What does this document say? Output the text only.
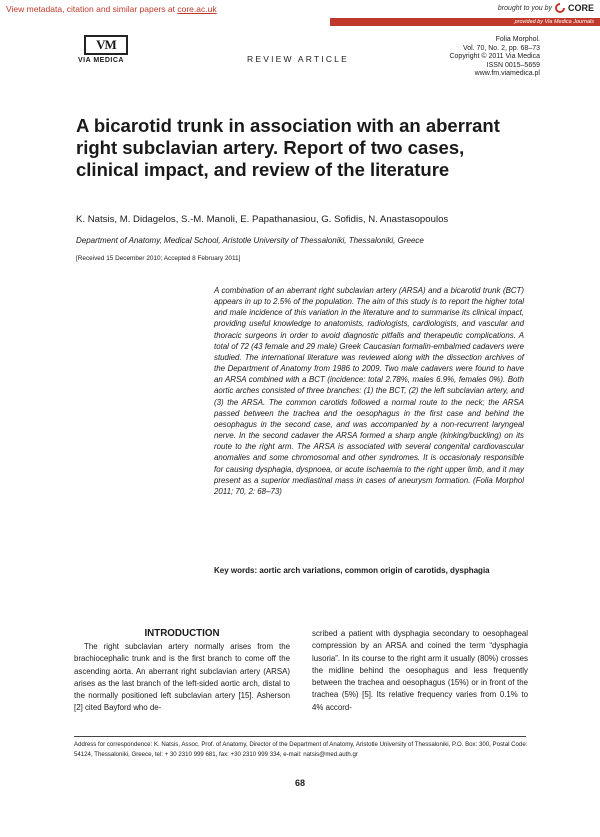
View metadata, citation and similar papers at core.ac.uk	brought to you by CORE
provided by Via Medica Journals
VM
VIA MEDICA	REVIEW ARTICLE
Folia Morphol.
Vol. 70, No. 2, pp. 68–73
Copyright © 2011 Via Medica
ISSN 0015–5659
www.fm.viamedica.pl
A bicarotid trunk in association with an aberrant right subclavian artery. Report of two cases, clinical impact, and review of the literature
K. Natsis, M. Didagelos, S.-M. Manoli, E. Papathanasiou, G. Sofidis, N. Anastasopoulos
Department of Anatomy, Medical School, Aristotle University of Thessaloniki, Thessaloniki, Greece
[Received 15 December 2010; Accepted 8 February 2011]
A combination of an aberrant right subclavian artery (ARSA) and a bicarotid trunk (BCT) appears in up to 2.5% of the population. The aim of this study is to report the higher total and male incidence of this variation in the literature and to summarise its clinical impact, providing useful knowledge to anatomists, radiologists, cardiologists, and vascular and thoracic surgeons in order to avoid diagnostic pitfalls and therapeutic complications. A total of 72 (43 female and 29 male) Greek Caucasian formalin-embalmed cadavers were studied. The international literature was reviewed along with the dissection archives of the Department of Anatomy from 1986 to 2009. Two male cadavers were found to have an ARSA combined with a BCT (incidence: total 2.78%, males 6.9%, females 0%). Both aortic arches consisted of three branches: (1) the BCT, (2) the left subclavian artery, and (3) the ARSA. The common carotids followed a normal route to the neck; the ARSA passed between the trachea and the oesophagus in the first case and behind the oesophagus in the second case, and was accompanied by a non-recurrent laryngeal nerve. In the second cadaver the ARSA formed a sharp angle (kinking/buckling) on its route to the right arm. The ARSA is associated with several congenital cardiovascular anomalies and some chromosomal and other syndromes. It is occasionaly responsible for causing dysphagia, dyspnoea, or acute ischaemia to the right upper limb, and it may present as a superior mediastinal mass in cases of aneurysm formation. (Folia Morphol 2011; 70, 2: 68–73)
Key words: aortic arch variations, common origin of carotids, dysphagia
INTRODUCTION
The right subclavian artery normally arises from the brachiocephalic trunk and is the first branch to come off the ascending aorta. An aberrant right subclavian artery (ARSA) arises as the last branch of the left-sided aortic arch, distal to the normally positioned left subclavian artery [15]. Asherson [2] cited Bayford who de-
scribed a patient with dysphagia secondary to oesophageal compression by an ARSA and coined the term “dysphagia lusoria”. In its course to the right arm it usually (80%) crosses the midline behind the oesophagus and less frequently between the trachea and oesophagus (15%) or in front of the trachea (5%) [5]. Its relative frequency varies from 0.1% to 4% accord-
Address for correspondence: K. Natsis, Assoc. Prof. of Anatomy, Director of the Department of Anatomy, Aristotle University of Thessaloniki, P.O. Box: 300, Postal Code: 54124, Thessaloniki, Greece, tel: + 30 2310 999 681, fax: +30 2310 999 334, e-mail: natsis@med.auth.gr
68
